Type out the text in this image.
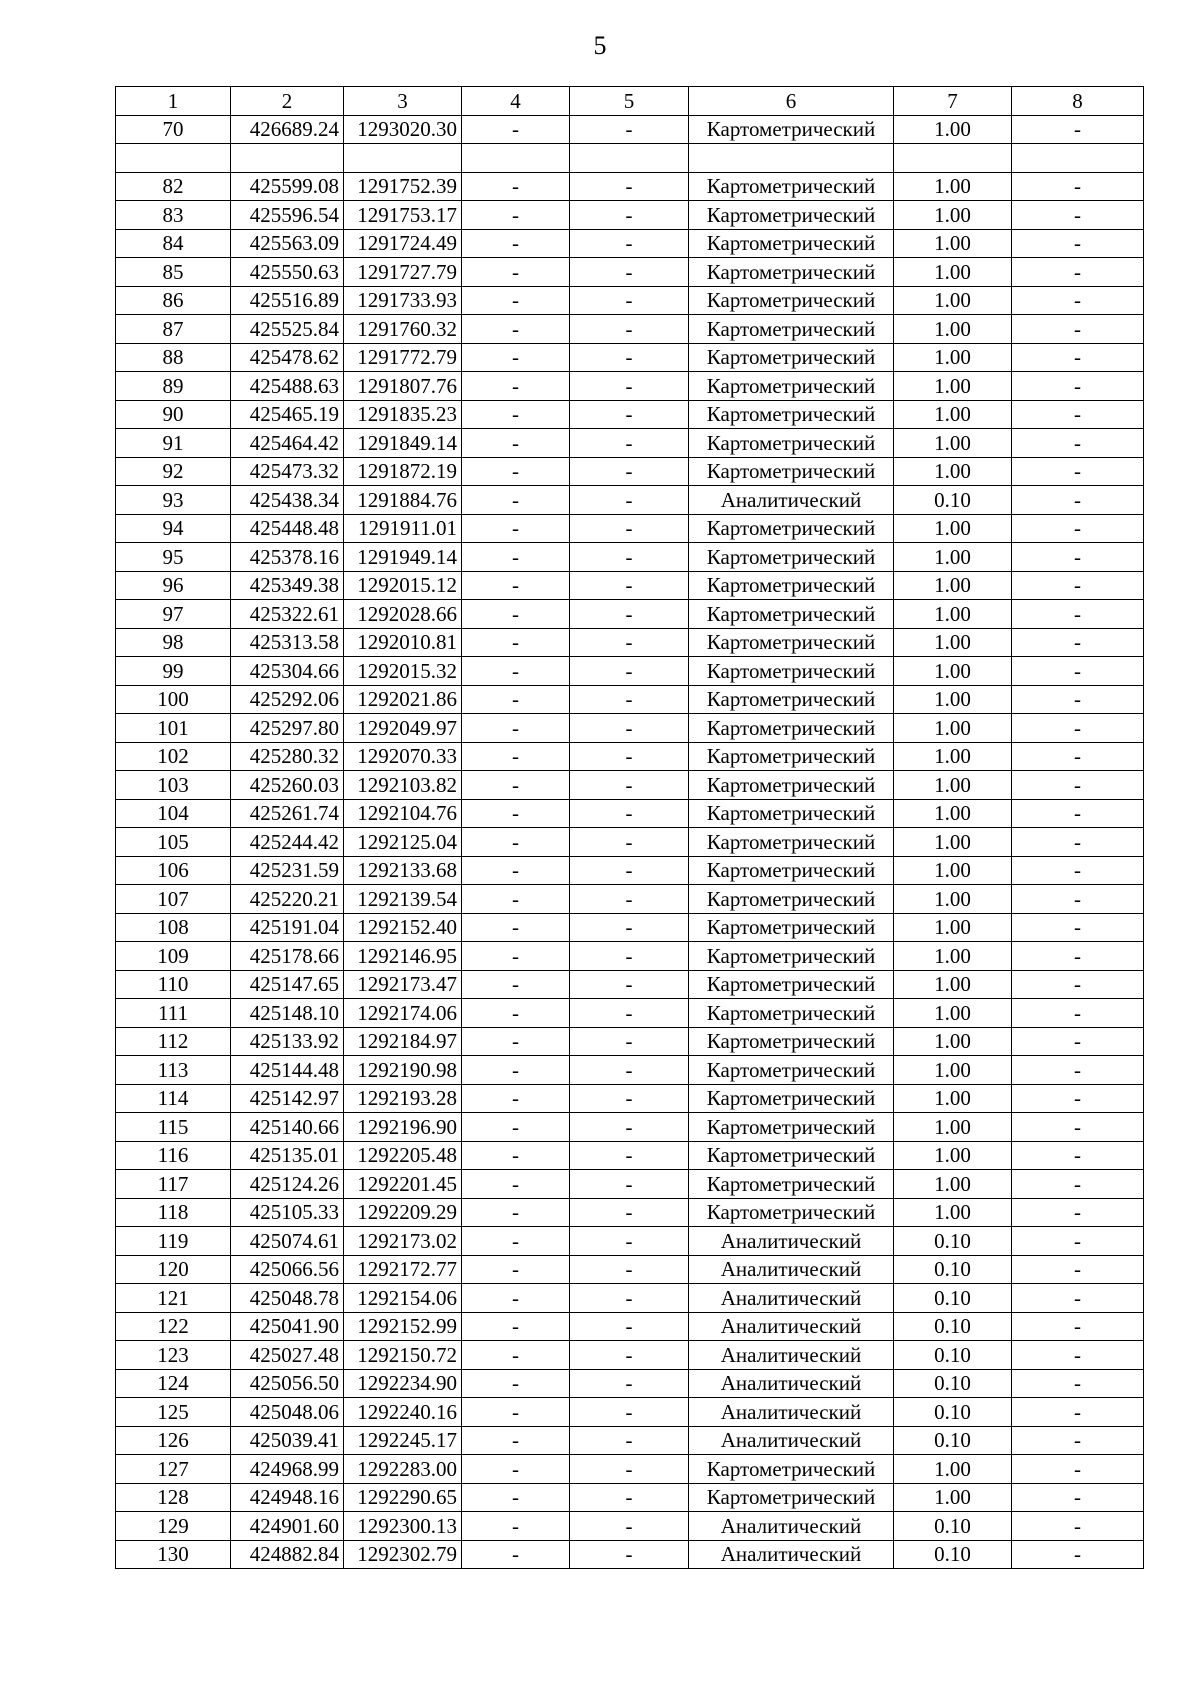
5
1	2	3	4	5	6	7	8
70	426689.24	1293020.30	-	-	Картометрический	1.00	-

82	425599.08	1291752.39	-	-	Картометрический	1.00	-
83	425596.54	1291753.17	-	-	Картометрический	1.00	-
84	425563.09	1291724.49	-	-	Картометрический	1.00	-
85	425550.63	1291727.79	-	-	Картометрический	1.00	-
86	425516.89	1291733.93	-	-	Картометрический	1.00	-
87	425525.84	1291760.32	-	-	Картометрический	1.00	-
88	425478.62	1291772.79	-	-	Картометрический	1.00	-
89	425488.63	1291807.76	-	-	Картометрический	1.00	-
90	425465.19	1291835.23	-	-	Картометрический	1.00	-
91	425464.42	1291849.14	-	-	Картометрический	1.00	-
92	425473.32	1291872.19	-	-	Картометрический	1.00	-
93	425438.34	1291884.76	-	-	Аналитический	0.10	-
94	425448.48	1291911.01	-	-	Картометрический	1.00	-
95	425378.16	1291949.14	-	-	Картометрический	1.00	-
96	425349.38	1292015.12	-	-	Картометрический	1.00	-
97	425322.61	1292028.66	-	-	Картометрический	1.00	-
98	425313.58	1292010.81	-	-	Картометрический	1.00	-
99	425304.66	1292015.32	-	-	Картометрический	1.00	-
100	425292.06	1292021.86	-	-	Картометрический	1.00	-
101	425297.80	1292049.97	-	-	Картометрический	1.00	-
102	425280.32	1292070.33	-	-	Картометрический	1.00	-
103	425260.03	1292103.82	-	-	Картометрический	1.00	-
104	425261.74	1292104.76	-	-	Картометрический	1.00	-
105	425244.42	1292125.04	-	-	Картометрический	1.00	-
106	425231.59	1292133.68	-	-	Картометрический	1.00	-
107	425220.21	1292139.54	-	-	Картометрический	1.00	-
108	425191.04	1292152.40	-	-	Картометрический	1.00	-
109	425178.66	1292146.95	-	-	Картометрический	1.00	-
110	425147.65	1292173.47	-	-	Картометрический	1.00	-
111	425148.10	1292174.06	-	-	Картометрический	1.00	-
112	425133.92	1292184.97	-	-	Картометрический	1.00	-
113	425144.48	1292190.98	-	-	Картометрический	1.00	-
114	425142.97	1292193.28	-	-	Картометрический	1.00	-
115	425140.66	1292196.90	-	-	Картометрический	1.00	-
116	425135.01	1292205.48	-	-	Картометрический	1.00	-
117	425124.26	1292201.45	-	-	Картометрический	1.00	-
118	425105.33	1292209.29	-	-	Картометрический	1.00	-
119	425074.61	1292173.02	-	-	Аналитический	0.10	-
120	425066.56	1292172.77	-	-	Аналитический	0.10	-
121	425048.78	1292154.06	-	-	Аналитический	0.10	-
122	425041.90	1292152.99	-	-	Аналитический	0.10	-
123	425027.48	1292150.72	-	-	Аналитический	0.10	-
124	425056.50	1292234.90	-	-	Аналитический	0.10	-
125	425048.06	1292240.16	-	-	Аналитический	0.10	-
126	425039.41	1292245.17	-	-	Аналитический	0.10	-
127	424968.99	1292283.00	-	-	Картометрический	1.00	-
128	424948.16	1292290.65	-	-	Картометрический	1.00	-
129	424901.60	1292300.13	-	-	Аналитический	0.10	-
130	424882.84	1292302.79	-	-	Аналитический	0.10	-
